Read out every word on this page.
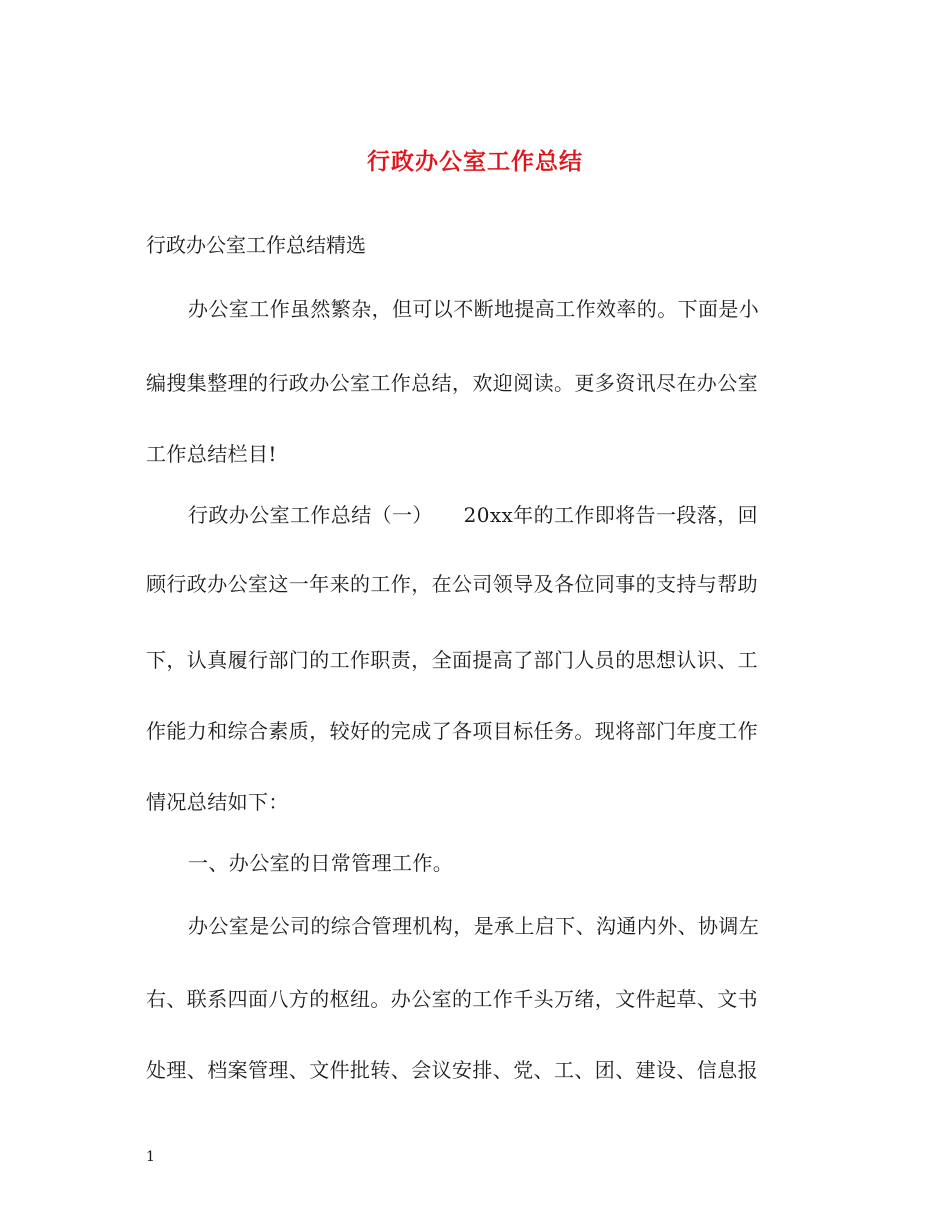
行政办公室工作总结
行政办公室工作总结精选
办公室工作虽然繁杂，但可以不断地提高工作效率的。下面是小
编搜集整理的行政办公室工作总结，欢迎阅读。更多资讯尽在办公室
工作总结栏目!
行政办公室工作总结（一）　　20xx年的工作即将告一段落，回
顾行政办公室这一年来的工作，在公司领导及各位同事的支持与帮助
下，认真履行部门的工作职责，全面提高了部门人员的思想认识、工
作能力和综合素质，较好的完成了各项目标任务。现将部门年度工作
情况总结如下：
一、办公室的日常管理工作。
办公室是公司的综合管理机构，是承上启下、沟通内外、协调左
右、联系四面八方的枢纽。办公室的工作千头万绪，文件起草、文书
处理、档案管理、文件批转、会议安排、党、工、团、建设、信息报
1
